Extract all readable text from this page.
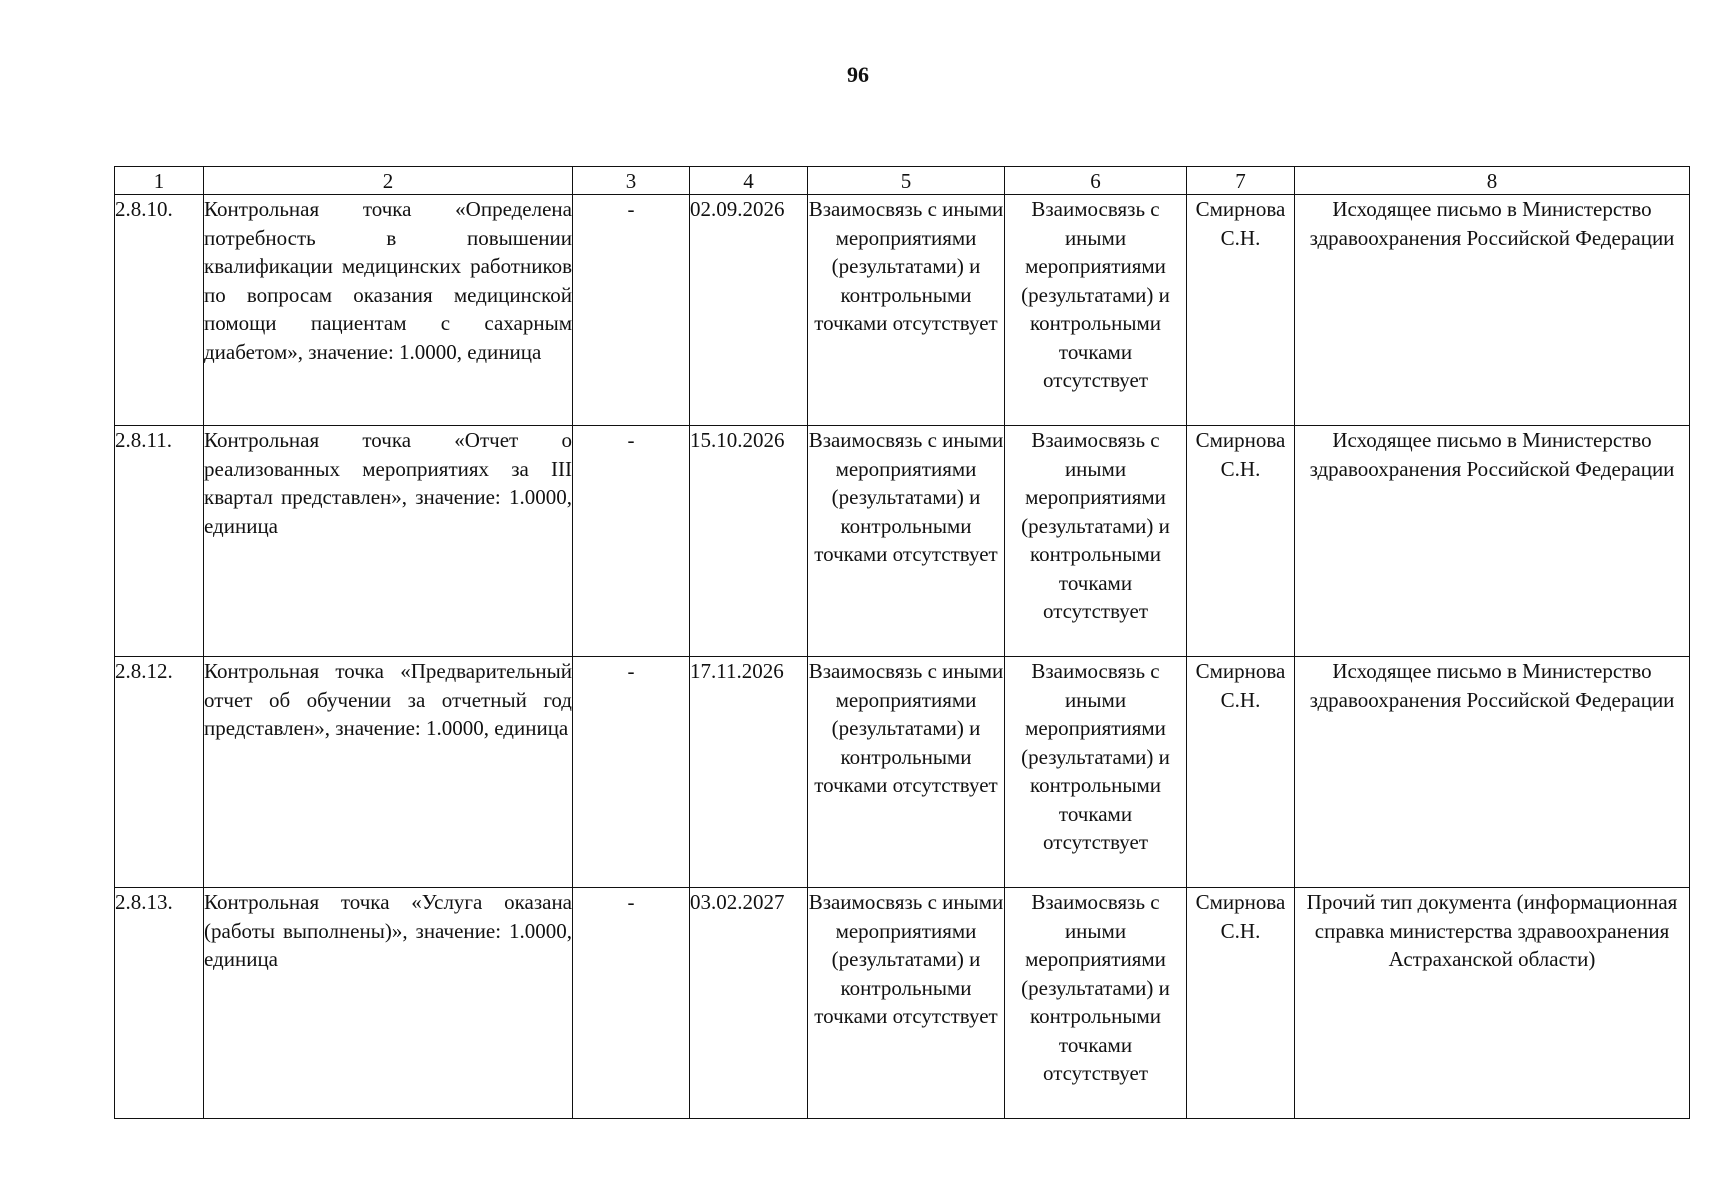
96
1	2	3	4	5	6	7	8
2.8.10.	Контрольная точка «Определена потребность в повышении квалификации медицинских работников по вопросам оказания медицинской помощи пациентам с сахарным диабетом», значение: 1.0000, единица	-	02.09.2026	Взаимосвязь с иными мероприятиями (результатами) и контрольными точками отсутствует	Взаимосвязь с иными мероприятиями (результатами) и контрольными точками отсутствует	Смирнова С.Н.	Исходящее письмо в Министерство здравоохранения Российской Федерации
2.8.11.	Контрольная точка «Отчет о реализованных мероприятиях за III квартал представлен», значение: 1.0000, единица	-	15.10.2026	Взаимосвязь с иными мероприятиями (результатами) и контрольными точками отсутствует	Взаимосвязь с иными мероприятиями (результатами) и контрольными точками отсутствует	Смирнова С.Н.	Исходящее письмо в Министерство здравоохранения Российской Федерации
2.8.12.	Контрольная точка «Предварительный отчет об обучении за отчетный год представлен», значение: 1.0000, единица	-	17.11.2026	Взаимосвязь с иными мероприятиями (результатами) и контрольными точками отсутствует	Взаимосвязь с иными мероприятиями (результатами) и контрольными точками отсутствует	Смирнова С.Н.	Исходящее письмо в Министерство здравоохранения Российской Федерации
2.8.13.	Контрольная точка «Услуга оказана (работы выполнены)», значение: 1.0000, единица	-	03.02.2027	Взаимосвязь с иными мероприятиями (результатами) и контрольными точками отсутствует	Взаимосвязь с иными мероприятиями (результатами) и контрольными точками отсутствует	Смирнова С.Н.	Прочий тип документа (информационная справка министерства здравоохранения Астраханской области)
